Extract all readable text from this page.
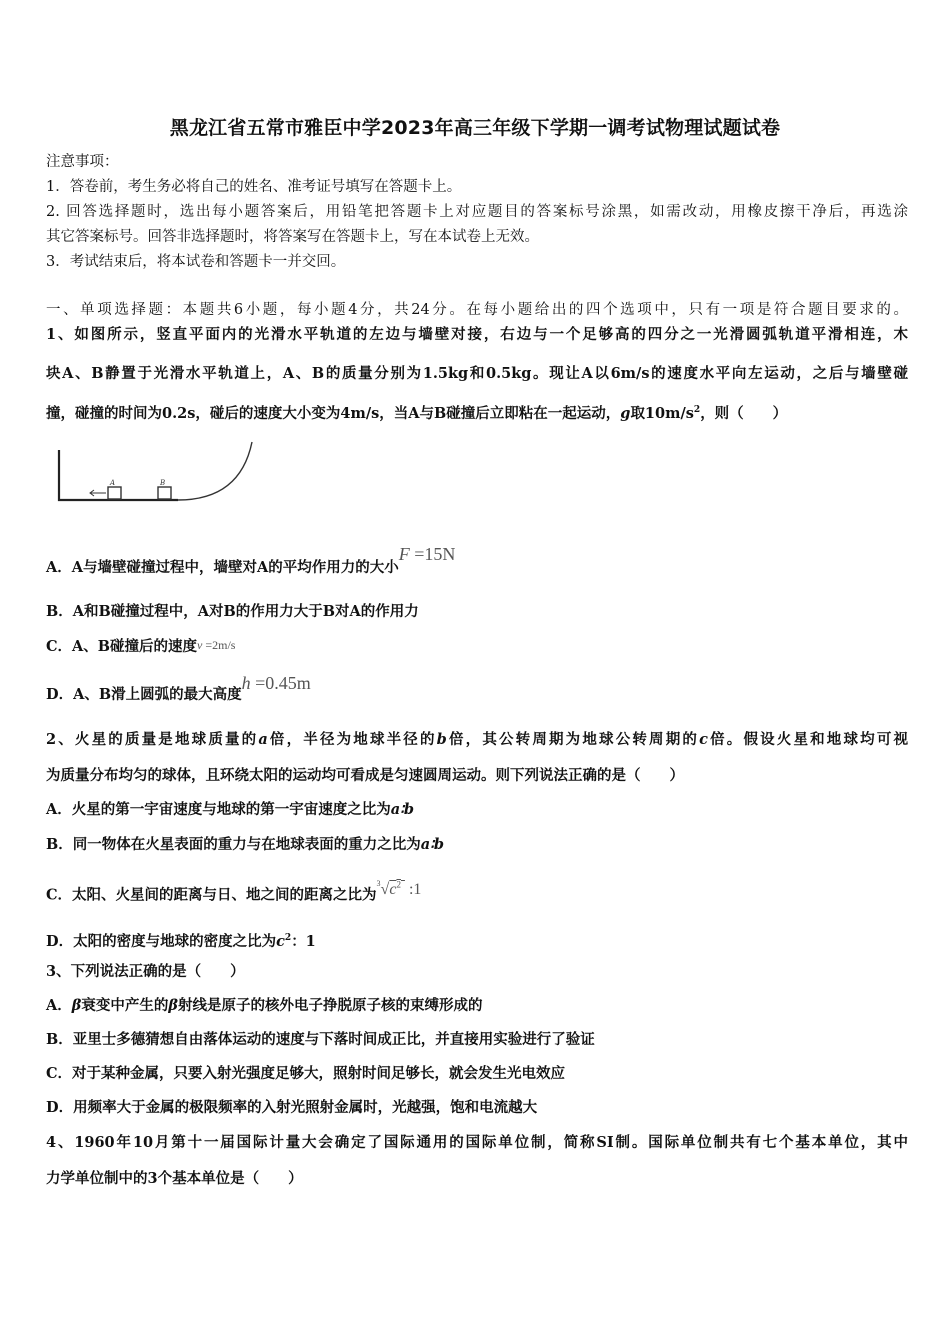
黑龙江省五常市雅臣中学2023年高三年级下学期一调考试物理试题试卷
注意事项：
1．答卷前，考生务必将自己的姓名、准考证号填写在答题卡上。
2. 回答选择题时，选出每小题答案后，用铅笔把答题卡上对应题目的答案标号涂黑，如需改动，用橡皮擦干净后，再选涂
其它答案标号。回答非选择题时，将答案写在答题卡上，写在本试卷上无效。
3．考试结束后，将本试卷和答题卡一并交回。
一、单项选择题：本题共6小题，每小题4分，共24分。在每小题给出的四个选项中，只有一项是符合题目要求的。
1、如图所示，竖直平面内的光滑水平轨道的左边与墙壁对接，右边与一个足够高的四分之一光滑圆弧轨道平滑相连，木
块A、B静置于光滑水平轨道上，A、B的质量分别为1.5kg和0.5kg。现让A以6m/s的速度水平向左运动，之后与墙壁碰
撞，碰撞的时间为0.2s，碰后的速度大小变为4m/s，当A与B碰撞后立即粘在一起运动，g取$10m/s^2$，则（　　）
A	B
A．A与墙壁碰撞过程中，墙壁对A的平均作用力的大小F =15N
B．A和B碰撞过程中，A对B的作用力大于B对A的作用力
C．A、B碰撞后的速度v =2m/s
D．A、B滑上圆弧的最大高度h =0.45m
2、火星的质量是地球质量的a倍，半径为地球半径的b倍，其公转周期为地球公转周期的c倍。假设火星和地球均可视
为质量分布均匀的球体，且环绕太阳的运动均可看成是匀速圆周运动。则下列说法正确的是（　　）
A．火星的第一宇宙速度与地球的第一宇宙速度之比为a∶b
B．同一物体在火星表面的重力与在地球表面的重力之比为a∶b
C．太阳、火星间的距离与日、地之间的距离之比为$^3√c^2$  :1
D．太阳的密度与地球的密度之比为$c^2$：1
3、下列说法正确的是（　　）
A．β衰变中产生的β射线是原子的核外电子挣脱原子核的束缚形成的
B．亚里士多德猜想自由落体运动的速度与下落时间成正比，并直接用实验进行了验证
C．对于某种金属，只要入射光强度足够大，照射时间足够长，就会发生光电效应
D．用频率大于金属的极限频率的入射光照射金属时，光越强，饱和电流越大
4、1960年10月第十一届国际计量大会确定了国际通用的国际单位制，简称SI制。国际单位制共有七个基本单位，其中
力学单位制中的3个基本单位是（　　）
